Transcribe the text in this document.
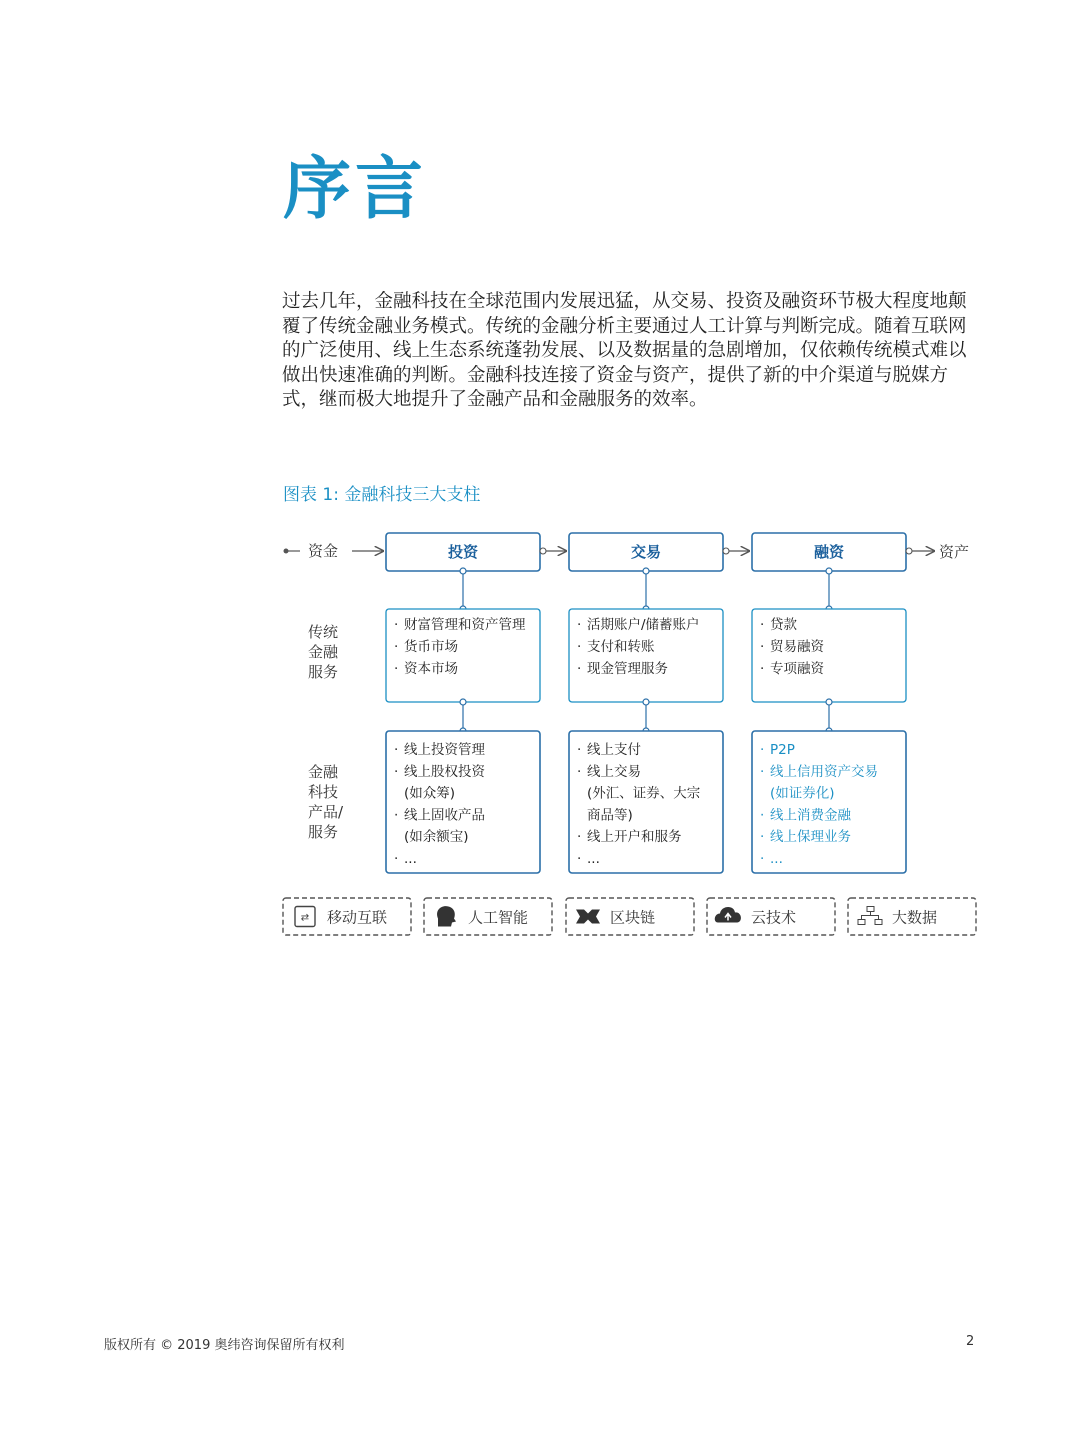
序言
过去几年，金融科技在全球范围内发展迅猛，从交易、投资及融资环节极大程度地颠覆了传统金融业务模式。传统的金融分析主要通过人工计算与判断完成。随着互联网的广泛使用、线上生态系统蓬勃发展、以及数据量的急剧增加，仅依赖传统模式难以做出快速准确的判断。金融科技连接了资金与资产，提供了新的中介渠道与脱媒方式，继而极大地提升了金融产品和金融服务的效率。
图表 1: 金融科技三大支柱
资金	投资
· 财富管理和资产管理
· 货币市场
· 资本市场
· 线上投资管理
· 线上股权投资
(如众筹)
· 线上固收产品
(如余额宝)
· ...
交易
· 活期账户/储蓄账户
· 支付和转账
· 现金管理服务
· 线上支付
· 线上交易
(外汇、证券、大宗
商品等)
· 线上开户和服务
· ...
融资
· 贷款
· 贸易融资
· 专项融资
· P2P
· 线上信用资产交易
(如证券化)
· 线上消费金融
· 线上保理业务
· ...
资产
传统
金融
服务
金融
科技
产品/
服务
⇄ 移动互联	人工智能	区块链	云技术	大数据
版权所有 © 2019 奥纬咨询保留所有权利	2
